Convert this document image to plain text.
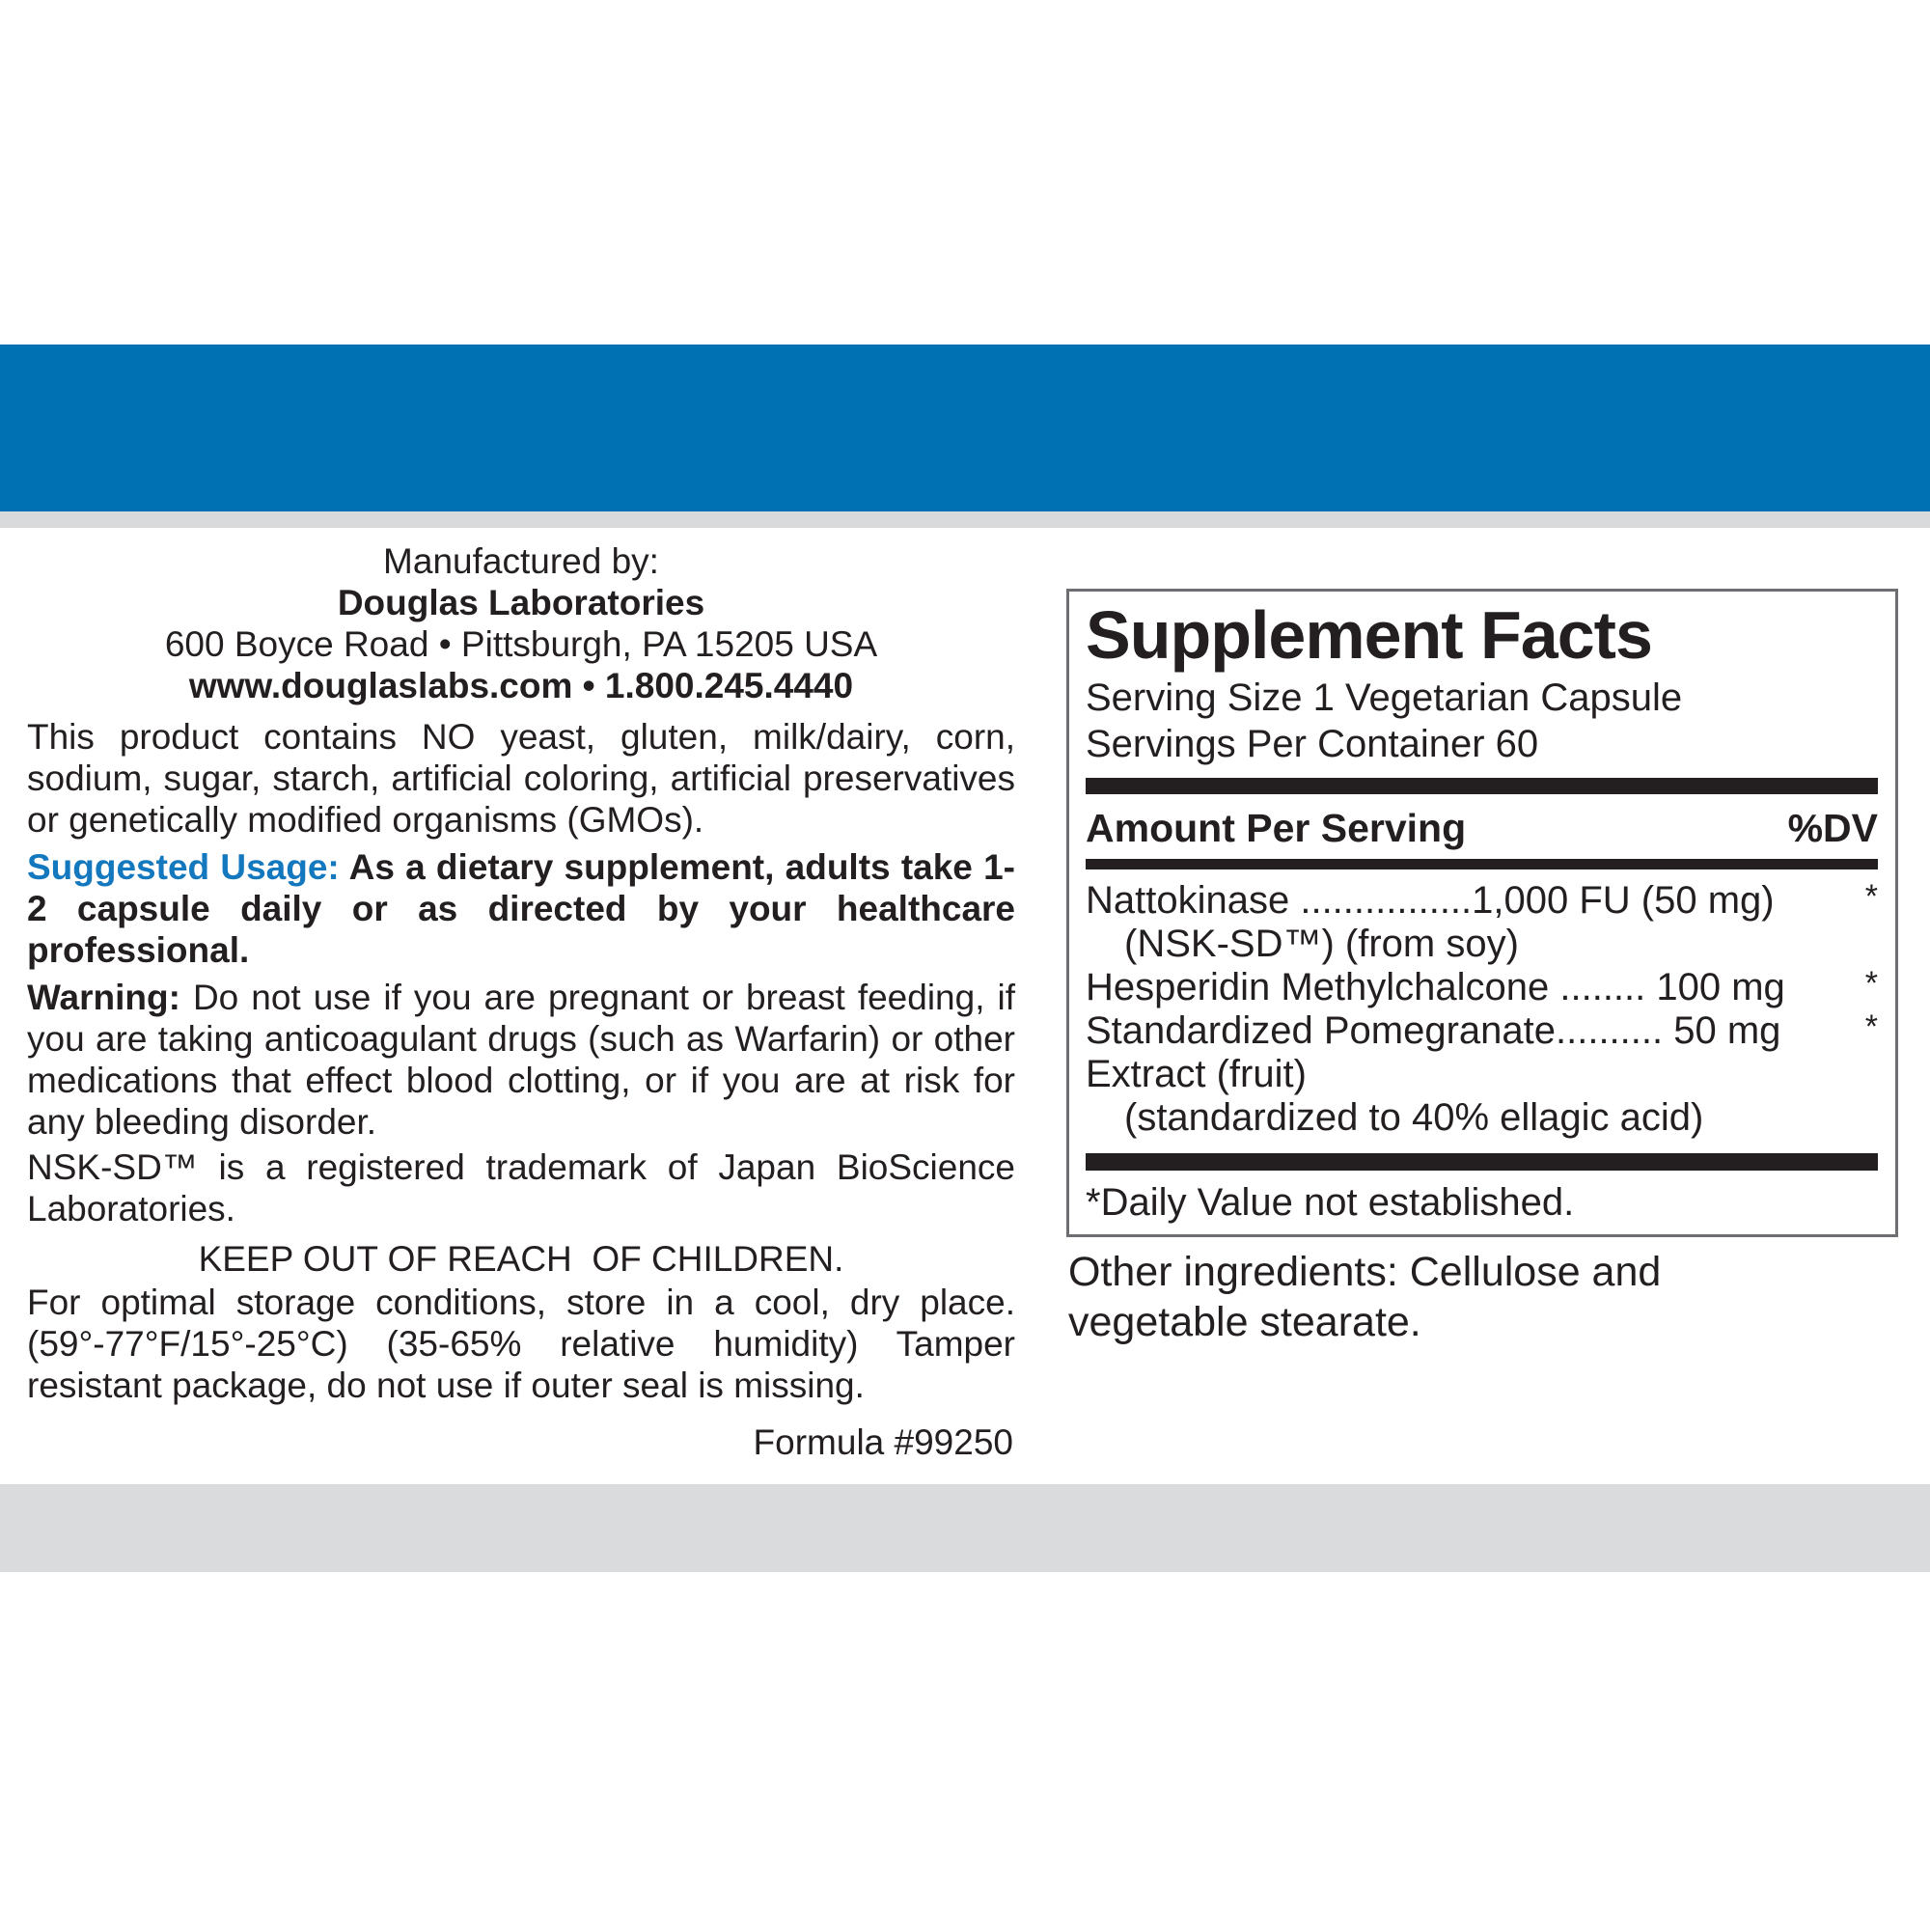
Manufactured by:
Douglas Laboratories
600 Boyce Road • Pittsburgh, PA 15205 USA
www.douglaslabs.com • 1.800.245.4440

This product contains NO yeast, gluten, milk/dairy, corn, sodium, sugar, starch, artificial coloring, artificial preservatives or genetically modified organisms (GMOs).

Suggested Usage: As a dietary supplement, adults take 1-2 capsule daily or as directed by your healthcare professional.

Warning: Do not use if you are pregnant or breast feeding, if you are taking anticoagulant drugs (such as Warfarin) or other medications that effect blood clotting, or if you are at risk for any bleeding disorder.

NSK-SD™ is a registered trademark of Japan BioScience Laboratories.

KEEP OUT OF REACH  OF CHILDREN.

For optimal storage conditions, store in a cool, dry place. (59°-77°F/15°-25°C) (35-65% relative humidity) Tamper resistant package, do not use if outer seal is missing.

Formula #99250
Supplement Facts
Serving Size 1 Vegetarian Capsule
Servings Per Container 60
Amount Per Serving	%DV
Nattokinase ................1,000 FU (50 mg)	*
(NSK-SD™) (from soy)
Hesperidin Methylchalcone ........ 100 mg	*
Standardized Pomegranate.......... 50 mg	*
Extract (fruit)
(standardized to 40% ellagic acid)
*Daily Value not established.
Other ingredients: Cellulose and vegetable stearate.
